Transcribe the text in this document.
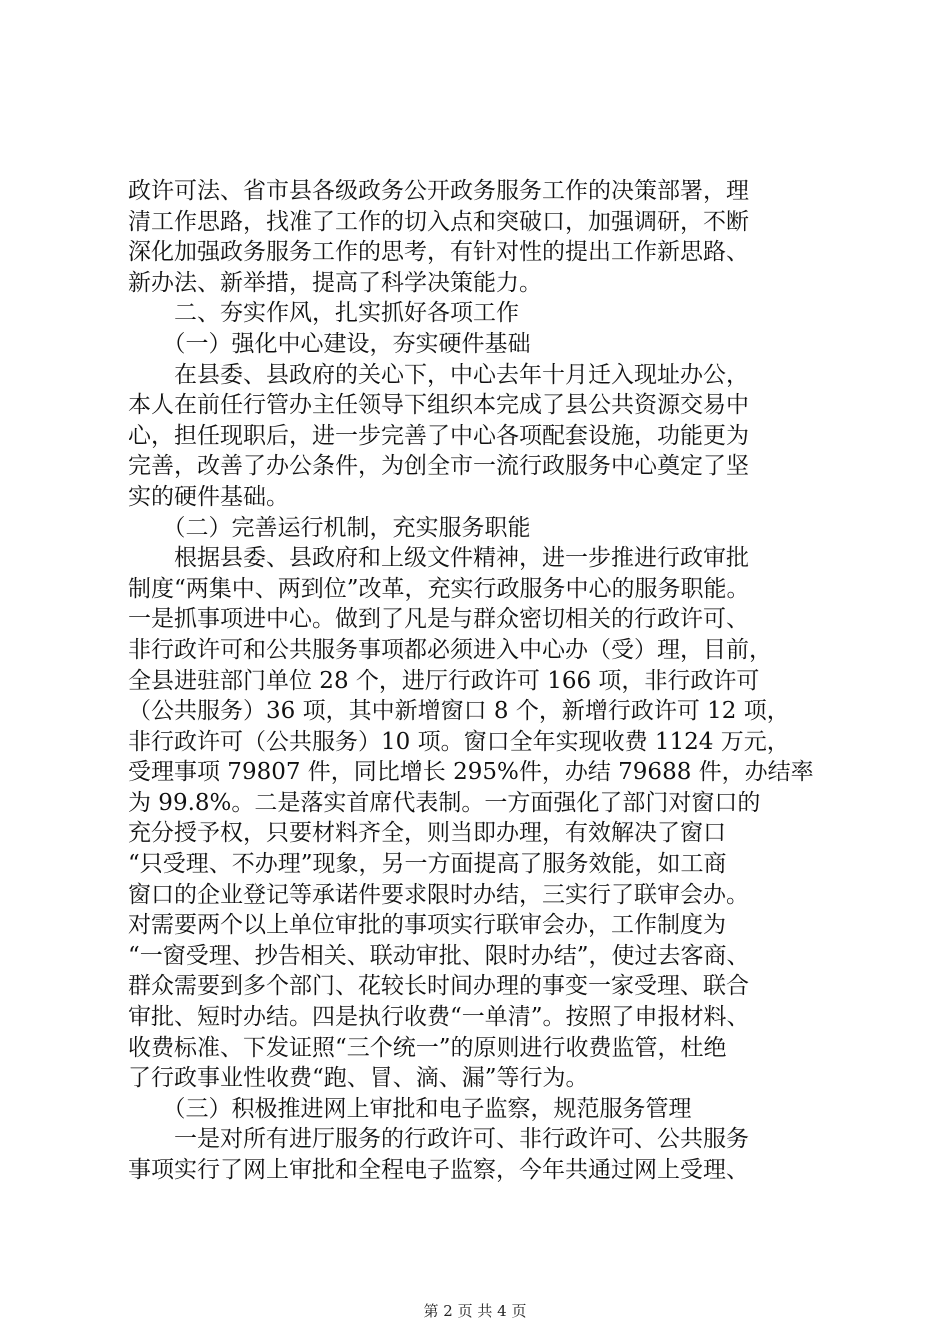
政许可法、省市县各级政务公开政务服务工作的决策部署，理
清工作思路，找准了工作的切入点和突破口，加强调研，不断
深化加强政务服务工作的思考，有针对性的提出工作新思路、
新办法、新举措，提高了科学决策能力。
　　二、夯实作风，扎实抓好各项工作
　　（一）强化中心建设，夯实硬件基础
　　在县委、县政府的关心下，中心去年十月迁入现址办公，
本人在前任行管办主任领导下组织本完成了县公共资源交易中
心，担任现职后，进一步完善了中心各项配套设施，功能更为
完善，改善了办公条件，为创全市一流行政服务中心奠定了坚
实的硬件基础。
　　（二）完善运行机制，充实服务职能
　　根据县委、县政府和上级文件精神，进一步推进行政审批
制度“两集中、两到位”改革，充实行政服务中心的服务职能。
一是抓事项进中心。做到了凡是与群众密切相关的行政许可、
非行政许可和公共服务事项都必须进入中心办（受）理，目前，
全县进驻部门单位 28 个，进厅行政许可 166 项，非行政许可
（公共服务）36 项，其中新增窗口 8 个，新增行政许可 12 项，
非行政许可（公共服务）10 项。窗口全年实现收费 1124 万元，
受理事项 79807 件，同比增长 295%件，办结 79688 件，办结率
为 99.8%。二是落实首席代表制。一方面强化了部门对窗口的
充分授予权，只要材料齐全，则当即办理，有效解决了窗口
“只受理、不办理”现象，另一方面提高了服务效能，如工商
窗口的企业登记等承诺件要求限时办结，三实行了联审会办。
对需要两个以上单位审批的事项实行联审会办，工作制度为
“一窗受理、抄告相关、联动审批、限时办结”，使过去客商、
群众需要到多个部门、花较长时间办理的事变一家受理、联合
审批、短时办结。四是执行收费“一单清”。按照了申报材料、
收费标准、下发证照“三个统一”的原则进行收费监管，杜绝
了行政事业性收费“跑、冒、滴、漏”等行为。
　　（三）积极推进网上审批和电子监察，规范服务管理
　　一是对所有进厅服务的行政许可、非行政许可、公共服务
事项实行了网上审批和全程电子监察，今年共通过网上受理、
第 2 页 共 4 页
